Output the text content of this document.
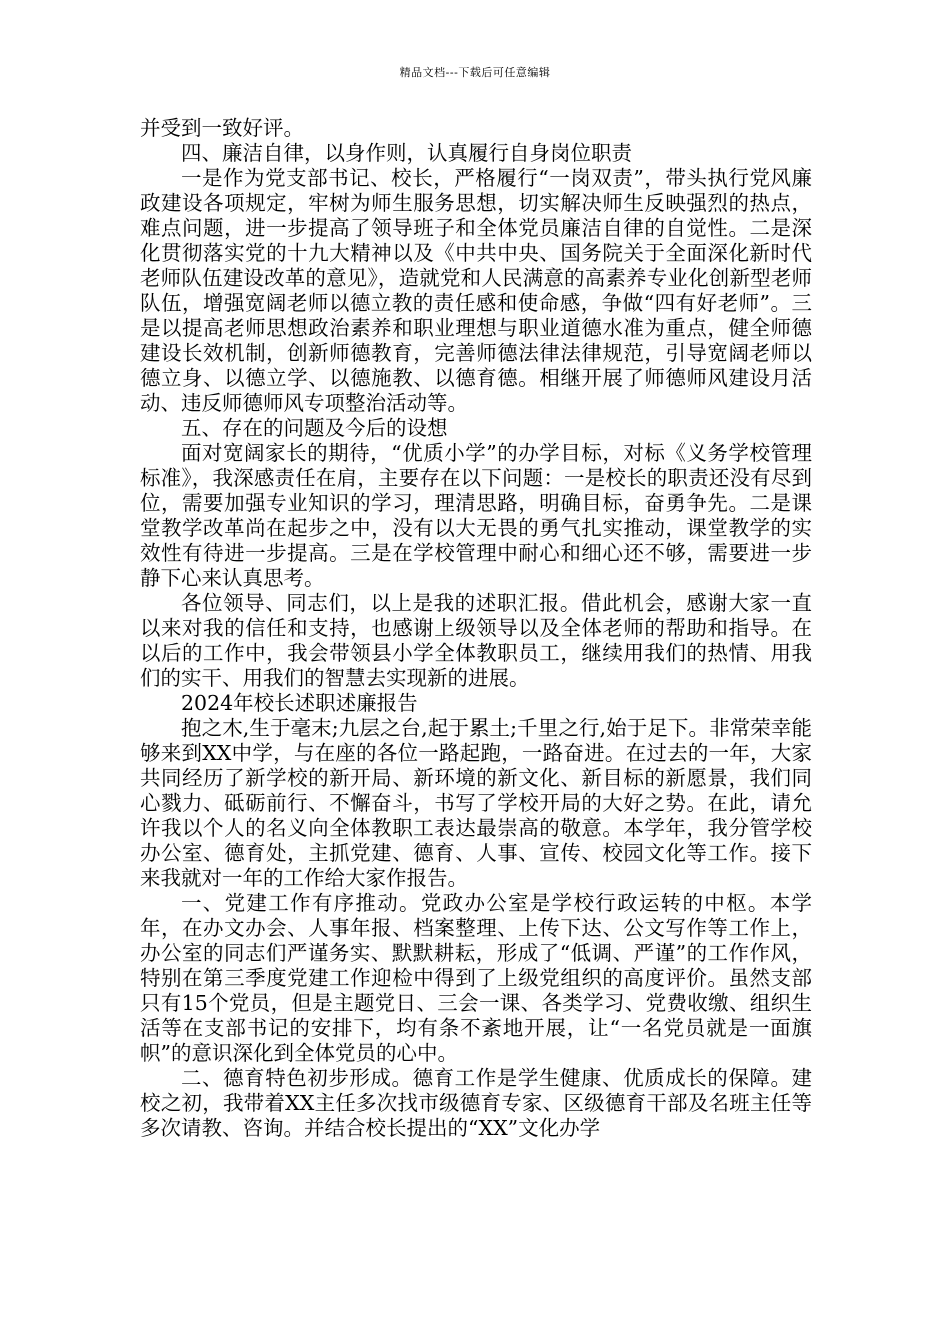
精品文档---下载后可任意编辑

并受到一致好评。

四、廉洁自律，以身作则，认真履行自身岗位职责

一是作为党支部书记、校长，严格履行“一岗双责”，带头执行党风廉政建设各项规定，牢树为师生服务思想，切实解决师生反映强烈的热点，难点问题，进一步提高了领导班子和全体党员廉洁自律的自觉性。二是深化贯彻落实党的十九大精神以及《中共中央、国务院关于全面深化新时代老师队伍建设改革的意见》，造就党和人民满意的高素养专业化创新型老师队伍，增强宽阔老师以德立教的责任感和使命感，争做“四有好老师”。三是以提高老师思想政治素养和职业理想与职业道德水准为重点，健全师德建设长效机制，创新师德教育，完善师德法律法律规范，引导宽阔老师以德立身、以德立学、以德施教、以德育德。相继开展了师德师风建设月活动、违反师德师风专项整治活动等。

五、存在的问题及今后的设想

面对宽阔家长的期待，“优质小学”的办学目标，对标《义务学校管理标准》，我深感责任在肩，主要存在以下问题：一是校长的职责还没有尽到位，需要加强专业知识的学习，理清思路，明确目标，奋勇争先。二是课堂教学改革尚在起步之中，没有以大无畏的勇气扎实推动，课堂教学的实效性有待进一步提高。三是在学校管理中耐心和细心还不够，需要进一步静下心来认真思考。

各位领导、同志们，以上是我的述职汇报。借此机会，感谢大家一直以来对我的信任和支持，也感谢上级领导以及全体老师的帮助和指导。在以后的工作中，我会带领县小学全体教职员工，继续用我们的热情、用我们的实干、用我们的智慧去实现新的进展。

2024年校长述职述廉报告

抱之木,生于毫末;九层之台,起于累土;千里之行,始于足下。非常荣幸能够来到XX中学，与在座的各位一路起跑，一路奋进。在过去的一年，大家共同经历了新学校的新开局、新环境的新文化、新目标的新愿景，我们同心戮力、砥砺前行、不懈奋斗，书写了学校开局的大好之势。在此，请允许我以个人的名义向全体教职工表达最崇高的敬意。本学年，我分管学校办公室、德育处，主抓党建、德育、人事、宣传、校园文化等工作。接下来我就对一年的工作给大家作报告。

一、党建工作有序推动。党政办公室是学校行政运转的中枢。本学年，在办文办会、人事年报、档案整理、上传下达、公文写作等工作上，办公室的同志们严谨务实、默默耕耘，形成了“低调、严谨”的工作作风，特别在第三季度党建工作迎检中得到了上级党组织的高度评价。虽然支部只有15个党员，但是主题党日、三会一课、各类学习、党费收缴、组织生活等在支部书记的安排下，均有条不紊地开展，让“一名党员就是一面旗帜”的意识深化到全体党员的心中。

二、德育特色初步形成。德育工作是学生健康、优质成长的保障。建校之初，我带着XX主任多次找市级德育专家、区级德育干部及名班主任等多次请教、咨询。并结合校长提出的“XX”文化办学
